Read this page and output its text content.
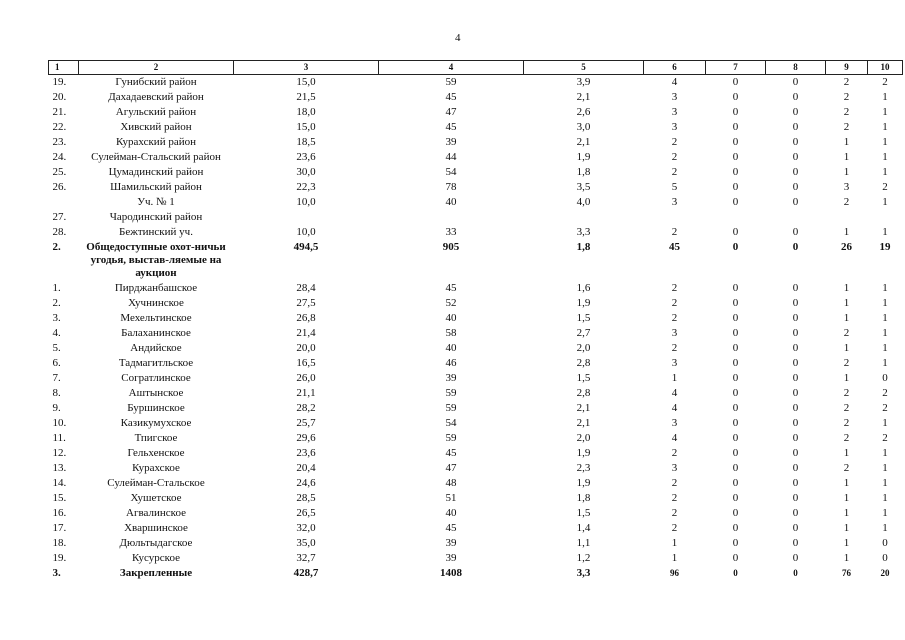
4
1	2	3	4	5	6	7	8	9	10
19.	Гунибский район	15,0	59	3,9	4	0	0	2	2
20.	Дахадаевский район	21,5	45	2,1	3	0	0	2	1
21.	Агульский район	18,0	47	2,6	3	0	0	2	1
22.	Хивский район	15,0	45	3,0	3	0	0	2	1
23.	Курахский район	18,5	39	2,1	2	0	0	1	1
24.	Сулейман-Стальский район	23,6	44	1,9	2	0	0	1	1
25.	Цумадинский район	30,0	54	1,8	2	0	0	1	1
26.	Шамильский район	22,3	78	3,5	5	0	0	3	2
	Уч. № 1	10,0	40	4,0	3	0	0	2	1
27.	Чародинский район								
28.	Бежтинский уч.	10,0	33	3,3	2	0	0	1	1
2.	Общедоступные охот-ничьи угодья, выстав-ляемые на аукцион	494,5	905	1,8	45	0	0	26	19
1.	Пирджанбашское	28,4	45	1,6	2	0	0	1	1
2.	Хучнинское	27,5	52	1,9	2	0	0	1	1
3.	Мехельтинское	26,8	40	1,5	2	0	0	1	1
4.	Балаханинское	21,4	58	2,7	3	0	0	2	1
5.	Андийское	20,0	40	2,0	2	0	0	1	1
6.	Тадмагитльское	16,5	46	2,8	3	0	0	2	1
7.	Согратлинское	26,0	39	1,5	1	0	0	1	0
8.	Аштынское	21,1	59	2,8	4	0	0	2	2
9.	Буршинское	28,2	59	2,1	4	0	0	2	2
10.	Казикумухское	25,7	54	2,1	3	0	0	2	1
11.	Тпигское	29,6	59	2,0	4	0	0	2	2
12.	Гельхенское	23,6	45	1,9	2	0	0	1	1
13.	Курахское	20,4	47	2,3	3	0	0	2	1
14.	Сулейман-Стальское	24,6	48	1,9	2	0	0	1	1
15.	Хушетское	28,5	51	1,8	2	0	0	1	1
16.	Агвалинское	26,5	40	1,5	2	0	0	1	1
17.	Хваршинское	32,0	45	1,4	2	0	0	1	1
18.	Дюльтыдагское	35,0	39	1,1	1	0	0	1	0
19.	Кусурское	32,7	39	1,2	1	0	0	1	0
3.	Закрепленные	428,7	1408	3,3	96	0	0	76	20
